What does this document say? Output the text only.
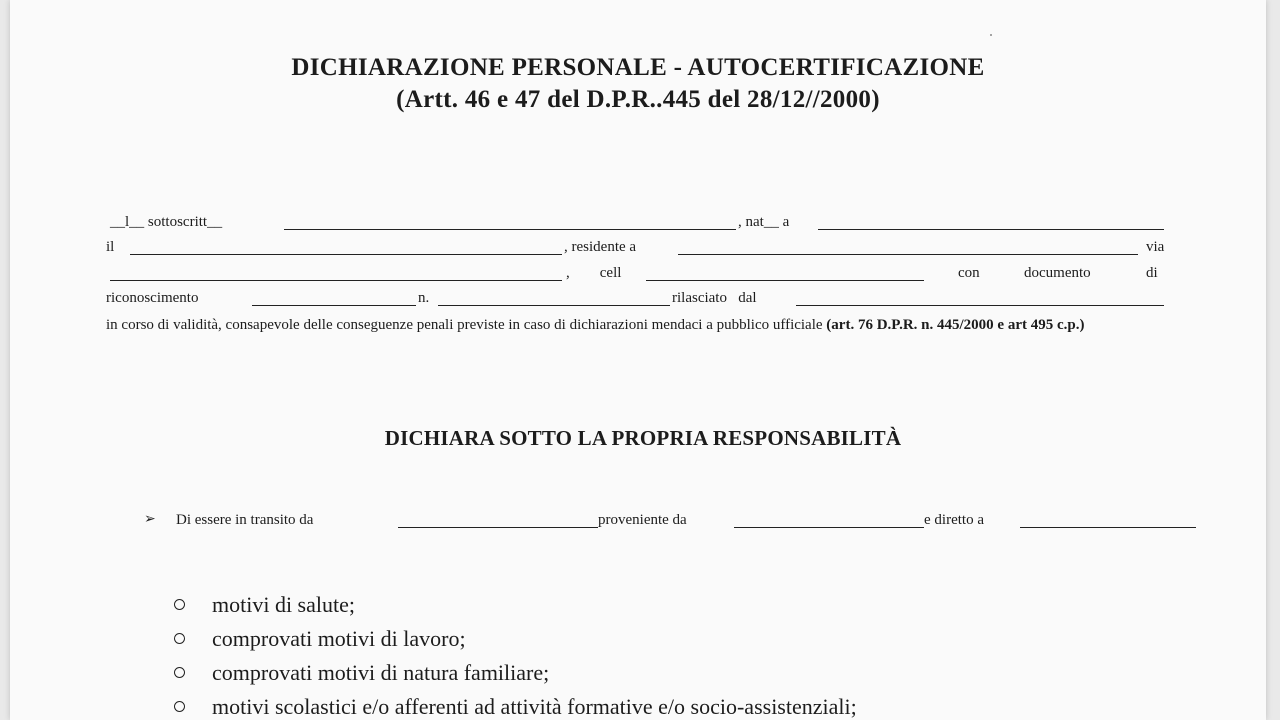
DICHIARAZIONE PERSONALE - AUTOCERTIFICAZIONE
(Artt. 46 e 47 del D.P.R..445 del 28/12//2000)
__l__ sottoscritt__	, nat__ a
il	, residente a	via
,        cell	con	documento	di
riconoscimento	n.	rilasciato   dal
in corso di validità, consapevole delle conseguenze penali previste in caso di dichiarazioni mendaci a pubblico ufficiale (art. 76 D.P.R. n. 445/2000 e art 495 c.p.)
DICHIARA SOTTO LA PROPRIA RESPONSABILITÀ
➢ Di essere in transito da	proveniente da	e diretto a
motivi di salute;
comprovati motivi di lavoro;
comprovati motivi di natura familiare;
motivi scolastici e/o afferenti ad attività formative e/o socio-assistenziali;
